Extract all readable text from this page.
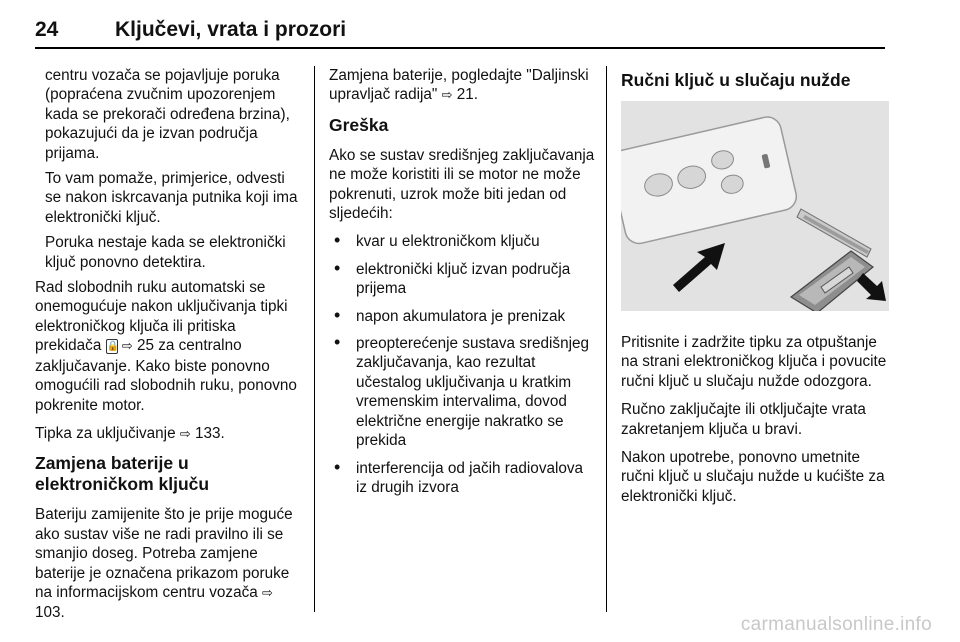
24	Ključevi, vrata i prozori

centru vozača se pojavljuje poruka (popraćena zvučnim upozorenjem kada se prekorači određena brzina), pokazujući da je izvan područja prijama.

To vam pomaže, primjerice, odvesti se nakon iskrcavanja putnika koji ima elektronički ključ.

Poruka nestaje kada se elektronički ključ ponovno detektira.

Rad slobodnih ruku automatski se onemogućuje nakon uključivanja tipki elektroničkog ključa ili pritiska prekidača 🔒 ⇨ 25 za centralno zaključavanje. Kako biste ponovno omogućili rad slobodnih ruku, ponovno pokrenite motor.

Tipka za uključivanje ⇨ 133.

Zamjena baterije u elektroničkom ključu

Bateriju zamijenite što je prije moguće ako sustav više ne radi pravilno ili se smanjio doseg. Potreba zamjene baterije je označena prikazom poruke na informacijskom centru vozača ⇨ 103.

Zamjena baterije, pogledajte "Daljinski upravljač radija" ⇨ 21.

Greška

Ako se sustav središnjeg zaključavanja ne može koristiti ili se motor ne može pokrenuti, uzrok može biti jedan od sljedećih:

• kvar u elektroničkom ključu
• elektronički ključ izvan područja prijema
• napon akumulatora je prenizak
• preopterećenje sustava središnjeg zaključavanja, kao rezultat učestalog uključivanja u kratkim vremenskim intervalima, dovod električne energije nakratko se prekida
• interferencija od jačih radiovalova iz drugih izvora
Ručni ključ u slučaju nužde

Pritisnite i zadržite tipku za otpuštanje na strani elektroničkog ključa i povucite ručni ključ u slučaju nužde odozgora.

Ručno zaključajte ili otključajte vrata zakretanjem ključa u bravi.

Nakon upotrebe, ponovno umetnite ručni ključ u slučaju nužde u kućište za elektronički ključ.

carmanualsonline.info
